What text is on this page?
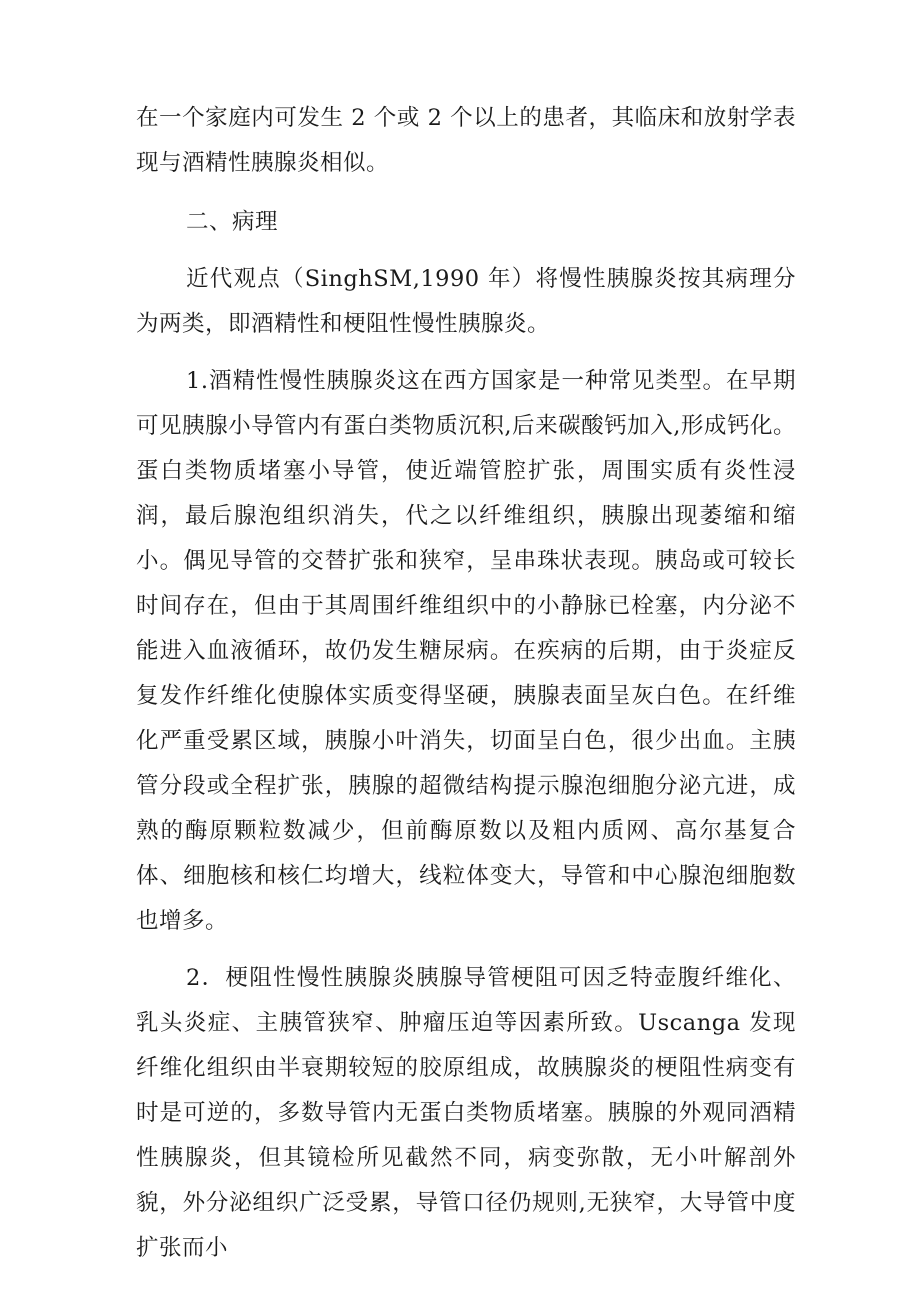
在一个家庭内可发生 2 个或 2 个以上的患者，其临床和放射学表现与酒精性胰腺炎相似。

二、病理

近代观点（SinghSM,1990 年）将慢性胰腺炎按其病理分为两类，即酒精性和梗阻性慢性胰腺炎。

1.酒精性慢性胰腺炎这在西方国家是一种常见类型。在早期可见胰腺小导管内有蛋白类物质沉积,后来碳酸钙加入,形成钙化。蛋白类物质堵塞小导管，使近端管腔扩张，周围实质有炎性浸润，最后腺泡组织消失，代之以纤维组织，胰腺出现萎缩和缩小。偶见导管的交替扩张和狭窄，呈串珠状表现。胰岛或可较长时间存在，但由于其周围纤维组织中的小静脉已栓塞，内分泌不能进入血液循环，故仍发生糖尿病。在疾病的后期，由于炎症反复发作纤维化使腺体实质变得坚硬，胰腺表面呈灰白色。在纤维化严重受累区域，胰腺小叶消失，切面呈白色，很少出血。主胰管分段或全程扩张，胰腺的超微结构提示腺泡细胞分泌亢进，成熟的酶原颗粒数减少，但前酶原数以及粗内质网、高尔基复合体、细胞核和核仁均增大，线粒体变大，导管和中心腺泡细胞数也增多。

2．梗阻性慢性胰腺炎胰腺导管梗阻可因乏特壶腹纤维化、乳头炎症、主胰管狭窄、肿瘤压迫等因素所致。Uscanga 发现纤维化组织由半衰期较短的胶原组成，故胰腺炎的梗阻性病变有时是可逆的，多数导管内无蛋白类物质堵塞。胰腺的外观同酒精性胰腺炎，但其镜检所见截然不同，病变弥散，无小叶解剖外貌，外分泌组织广泛受累，导管口径仍规则,无狭窄，大导管中度扩张而小
